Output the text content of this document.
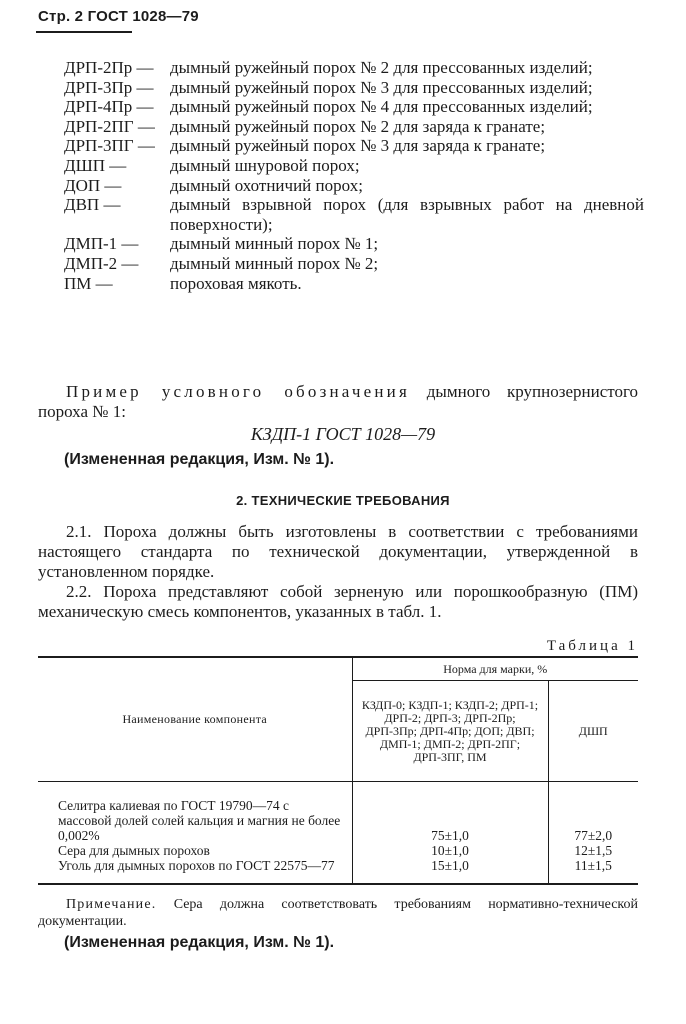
Стр. 2 ГОСТ 1028—79
ДРП-2Пр — дымный ружейный порох № 2 для прессованных изделий;
ДРП-3Пр — дымный ружейный порох № 3 для прессованных изделий;
ДРП-4Пр — дымный ружейный порох № 4 для прессованных изделий;
ДРП-2ПГ — дымный ружейный порох № 2 для заряда к гранате;
ДРП-3ПГ — дымный ружейный порох № 3 для заряда к гранате;
ДШП —	дымный шнуровой порох;
ДОП —	дымный охотничий порох;
ДВП —	дымный взрывной порох (для взрывных работ на дневной поверхности);
ДМП-1 —	дымный минный порох № 1;
ДМП-2 —	дымный минный порох № 2;
ПМ —	пороховая мякоть.
Пример условного обозначения дымного крупнозернистого пороха № 1:
КЗДП-1 ГОСТ 1028—79
(Измененная редакция, Изм. № 1).
2. ТЕХНИЧЕСКИЕ ТРЕБОВАНИЯ
2.1. Пороха должны быть изготовлены в соответствии с требованиями настоящего стандарта по технической документации, утвержденной в установленном порядке.
2.2. Пороха представляют собой зерненую или порошкообразную (ПМ) механическую смесь компонентов, указанных в табл. 1.
Таблица 1
Наименование компонента	Норма для марки, %	
	КЗДП-0; КЗДП-1; КЗДП-2; ДРП-1; ДРП-2; ДРП-3; ДРП-2Пр; ДРП-3Пр; ДРП-4Пр; ДОП; ДВП; ДМП-1; ДМП-2; ДРП-2ПГ; ДРП-3ПГ, ПМ	ДШП
Селитра калиевая по ГОСТ 19790—74 с массовой долей солей кальция и магния не более 0,002%	75±1,0	77±2,0
Сера для дымных порохов	10±1,0	12±1,5
Уголь для дымных порохов по ГОСТ 22575—77	15±1,0	11±1,5
Примечание. Сера должна соответствовать требованиям нормативно-технической документации.
(Измененная редакция, Изм. № 1).
